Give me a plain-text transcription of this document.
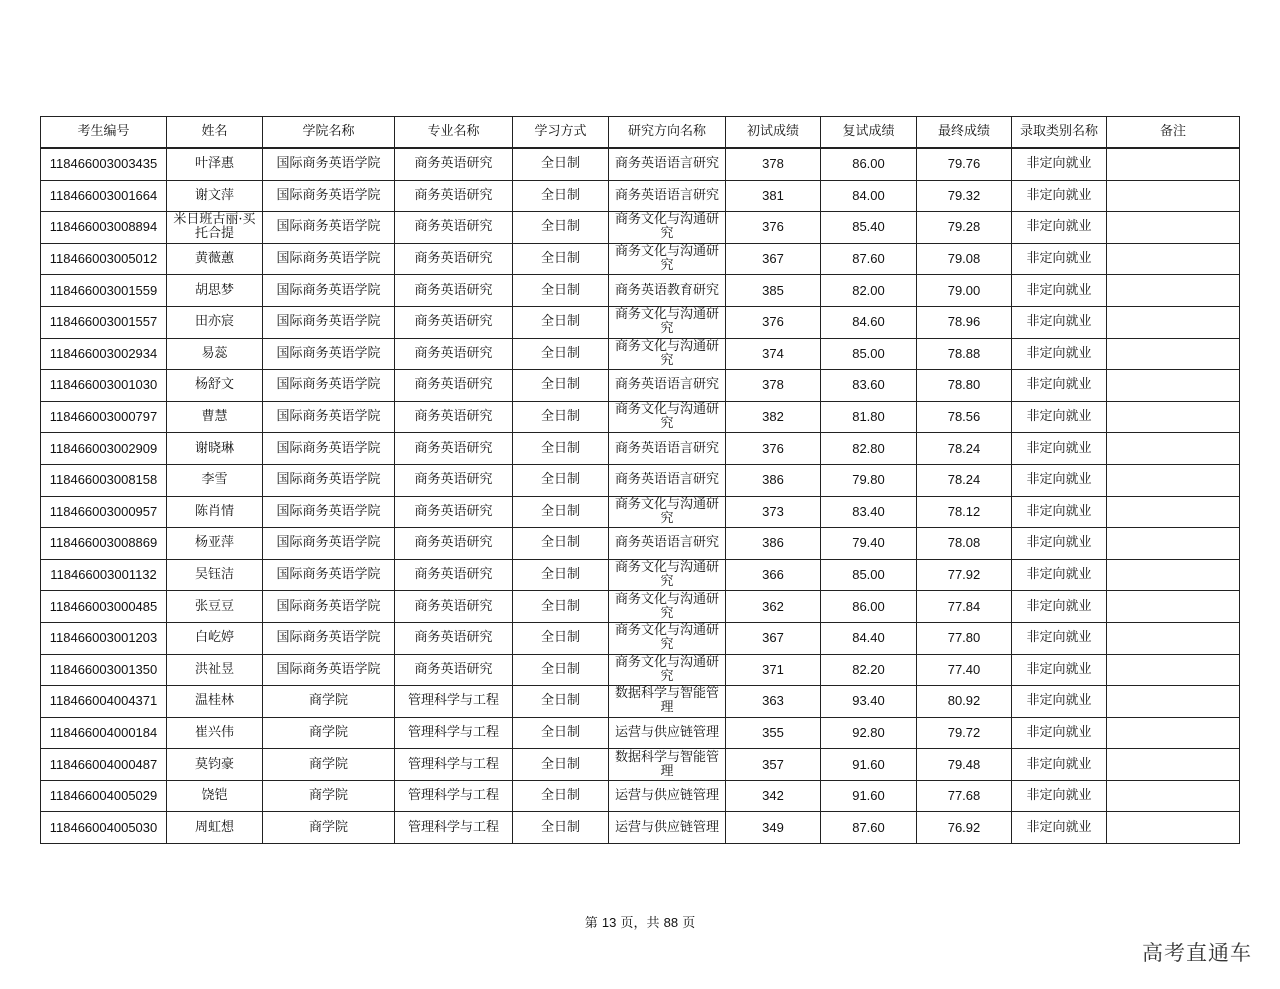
考生编号	姓名	学院名称	专业名称	学习方式	研究方向名称	初试成绩	复试成绩	最终成绩	录取类别名称	备注
118466003003435	叶泽惠	国际商务英语学院	商务英语研究	全日制	商务英语语言研究	378	86.00	79.76	非定向就业	
118466003001664	谢文萍	国际商务英语学院	商务英语研究	全日制	商务英语语言研究	381	84.00	79.32	非定向就业	
118466003008894	米日班古丽·买托合提	国际商务英语学院	商务英语研究	全日制	商务文化与沟通研究	376	85.40	79.28	非定向就业	
118466003005012	黄薇蕙	国际商务英语学院	商务英语研究	全日制	商务文化与沟通研究	367	87.60	79.08	非定向就业	
118466003001559	胡思梦	国际商务英语学院	商务英语研究	全日制	商务英语教育研究	385	82.00	79.00	非定向就业	
118466003001557	田亦宸	国际商务英语学院	商务英语研究	全日制	商务文化与沟通研究	376	84.60	78.96	非定向就业	
118466003002934	易蕊	国际商务英语学院	商务英语研究	全日制	商务文化与沟通研究	374	85.00	78.88	非定向就业	
118466003001030	杨舒文	国际商务英语学院	商务英语研究	全日制	商务英语语言研究	378	83.60	78.80	非定向就业	
118466003000797	曹慧	国际商务英语学院	商务英语研究	全日制	商务文化与沟通研究	382	81.80	78.56	非定向就业	
118466003002909	谢晓琳	国际商务英语学院	商务英语研究	全日制	商务英语语言研究	376	82.80	78.24	非定向就业	
118466003008158	李雪	国际商务英语学院	商务英语研究	全日制	商务英语语言研究	386	79.80	78.24	非定向就业	
118466003000957	陈肖情	国际商务英语学院	商务英语研究	全日制	商务文化与沟通研究	373	83.40	78.12	非定向就业	
118466003008869	杨亚萍	国际商务英语学院	商务英语研究	全日制	商务英语语言研究	386	79.40	78.08	非定向就业	
118466003001132	吴钰洁	国际商务英语学院	商务英语研究	全日制	商务文化与沟通研究	366	85.00	77.92	非定向就业	
118466003000485	张豆豆	国际商务英语学院	商务英语研究	全日制	商务文化与沟通研究	362	86.00	77.84	非定向就业	
118466003001203	白屹婷	国际商务英语学院	商务英语研究	全日制	商务文化与沟通研究	367	84.40	77.80	非定向就业	
118466003001350	洪祉昱	国际商务英语学院	商务英语研究	全日制	商务文化与沟通研究	371	82.20	77.40	非定向就业	
118466004004371	温桂林	商学院	管理科学与工程	全日制	数据科学与智能管理	363	93.40	80.92	非定向就业	
118466004000184	崔兴伟	商学院	管理科学与工程	全日制	运营与供应链管理	355	92.80	79.72	非定向就业	
118466004000487	莫钧豪	商学院	管理科学与工程	全日制	数据科学与智能管理	357	91.60	79.48	非定向就业	
118466004005029	饶铠	商学院	管理科学与工程	全日制	运营与供应链管理	342	91.60	77.68	非定向就业	
118466004005030	周虹想	商学院	管理科学与工程	全日制	运营与供应链管理	349	87.60	76.92	非定向就业	
第 13 页，共 88 页
高考直通车
